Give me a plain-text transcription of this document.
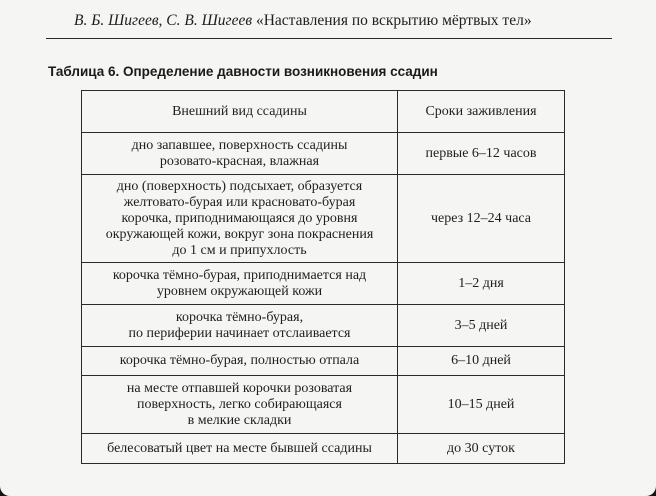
В. Б. Шигеев, С. В. Шигеев «Наставления по вскрытию мёртвых тел»
Таблица 6. Определение давности возникновения ссадин
Внешний вид ссадины	Сроки заживления

дно запавшее, поверхность ссадины
розовато-красная, влажная	первые 6–12 часов

дно (поверхность) подсыхает, образуется
желтовато-бурая или красновато-бурая
корочка, приподнимающаяся до уровня
окружающей кожи, вокруг зона покраснения
до 1 см и припухлость	через 12–24 часа

корочка тёмно-бурая, приподнимается над
уровнем окружающей кожи	1–2 дня

корочка тёмно-бурая,
по периферии начинает отслаивается	3–5 дней

корочка тёмно-бурая, полностью отпала	6–10 дней

на месте отпавшей корочки розоватая
поверхность, легко собирающаяся
в мелкие складки	10–15 дней

белесоватый цвет на месте бывшей ссадины	до 30 суток
